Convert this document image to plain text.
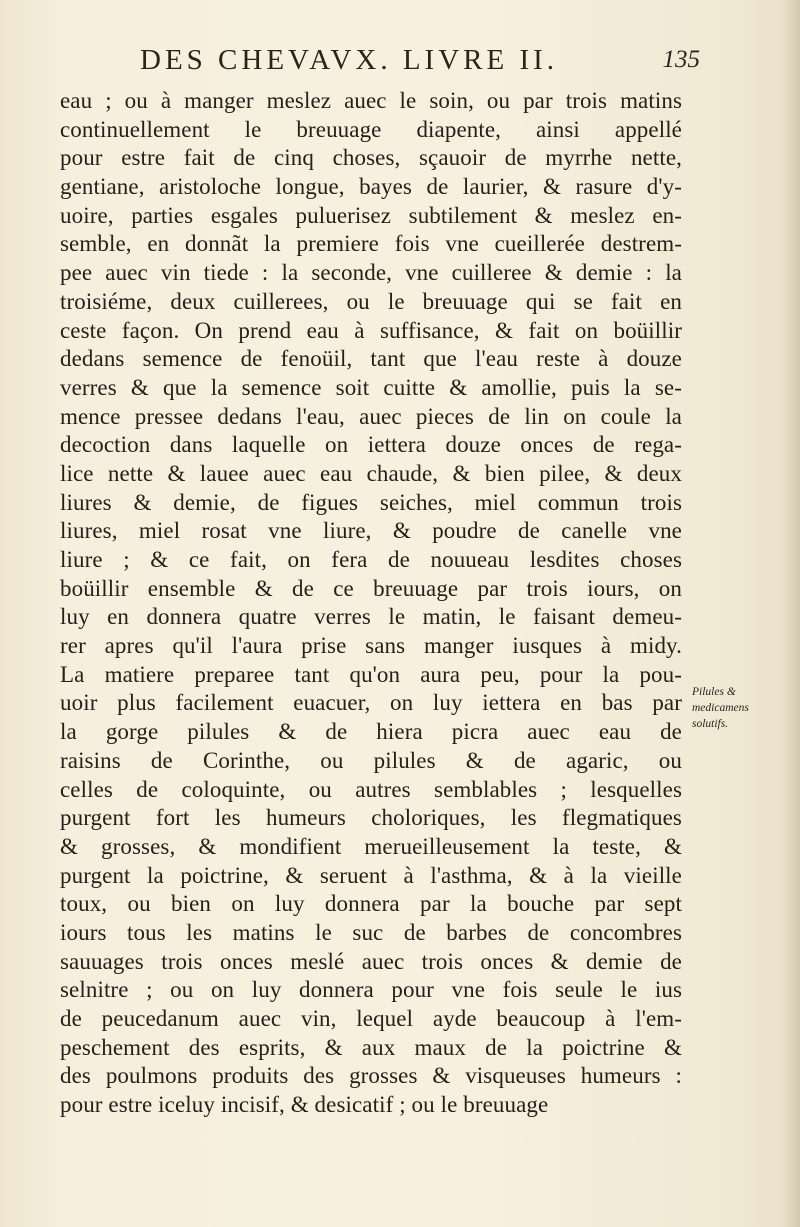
DES CHEVAVX. LIVRE II.	135
eau ; ou à manger meslez auec le soin, ou par trois matins
continuellement le breuuage diapente, ainsi appellé
pour estre fait de cinq choses, sçauoir de myrrhe nette,
gentiane, aristoloche longue, bayes de laurier, & rasure d'y-
uoire, parties esgales puluerisez subtilement & meslez en-
semble, en donnãt la premiere fois vne cueillerée destrem-
pee auec vin tiede : la seconde, vne cuilleree & demie : la
troisiéme, deux cuillerees, ou le breuuage qui se fait en
ceste façon. On prend eau à suffisance, & fait on boüillir
dedans semence de fenoüil, tant que l'eau reste à douze
verres & que la semence soit cuitte & amollie, puis la se-
mence pressee dedans l'eau, auec pieces de lin on coule la
decoction dans laquelle on iettera douze onces de rega-
lice nette & lauee auec eau chaude, & bien pilee, & deux
liures & demie, de figues seiches, miel commun trois
liures, miel rosat vne liure, & poudre de canelle vne
liure ; & ce fait, on fera de nouueau lesdites choses
boüillir ensemble & de ce breuuage par trois iours, on
luy en donnera quatre verres le matin, le faisant demeu-
rer apres qu'il l'aura prise sans manger iusques à midy.
La matiere preparee tant qu'on aura peu, pour la pou-
uoir plus facilement euacuer, on luy iettera en bas par
la gorge pilules & de hiera picra auec eau de
raisins de Corinthe, ou pilules & de agaric, ou
celles de coloquinte, ou autres semblables ; lesquelles
purgent fort les humeurs choloriques, les flegmatiques
& grosses, & mondifient merueilleusement la teste, &
purgent la poictrine, & seruent à l'asthma, & à la vieille
toux, ou bien on luy donnera par la bouche par sept
iours tous les matins le suc de barbes de concombres
sauuages trois onces meslé auec trois onces & demie de
selnitre ; ou on luy donnera pour vne fois seule le ius
de peucedanum auec vin, lequel ayde beaucoup à l'em-
peschement des esprits, & aux maux de la poictrine &
des poulmons produits des grosses & visqueuses humeurs :
pour estre iceluy incisif, & desicatif ; ou le breuuage
Pilules &
medicamens
solutifs.
